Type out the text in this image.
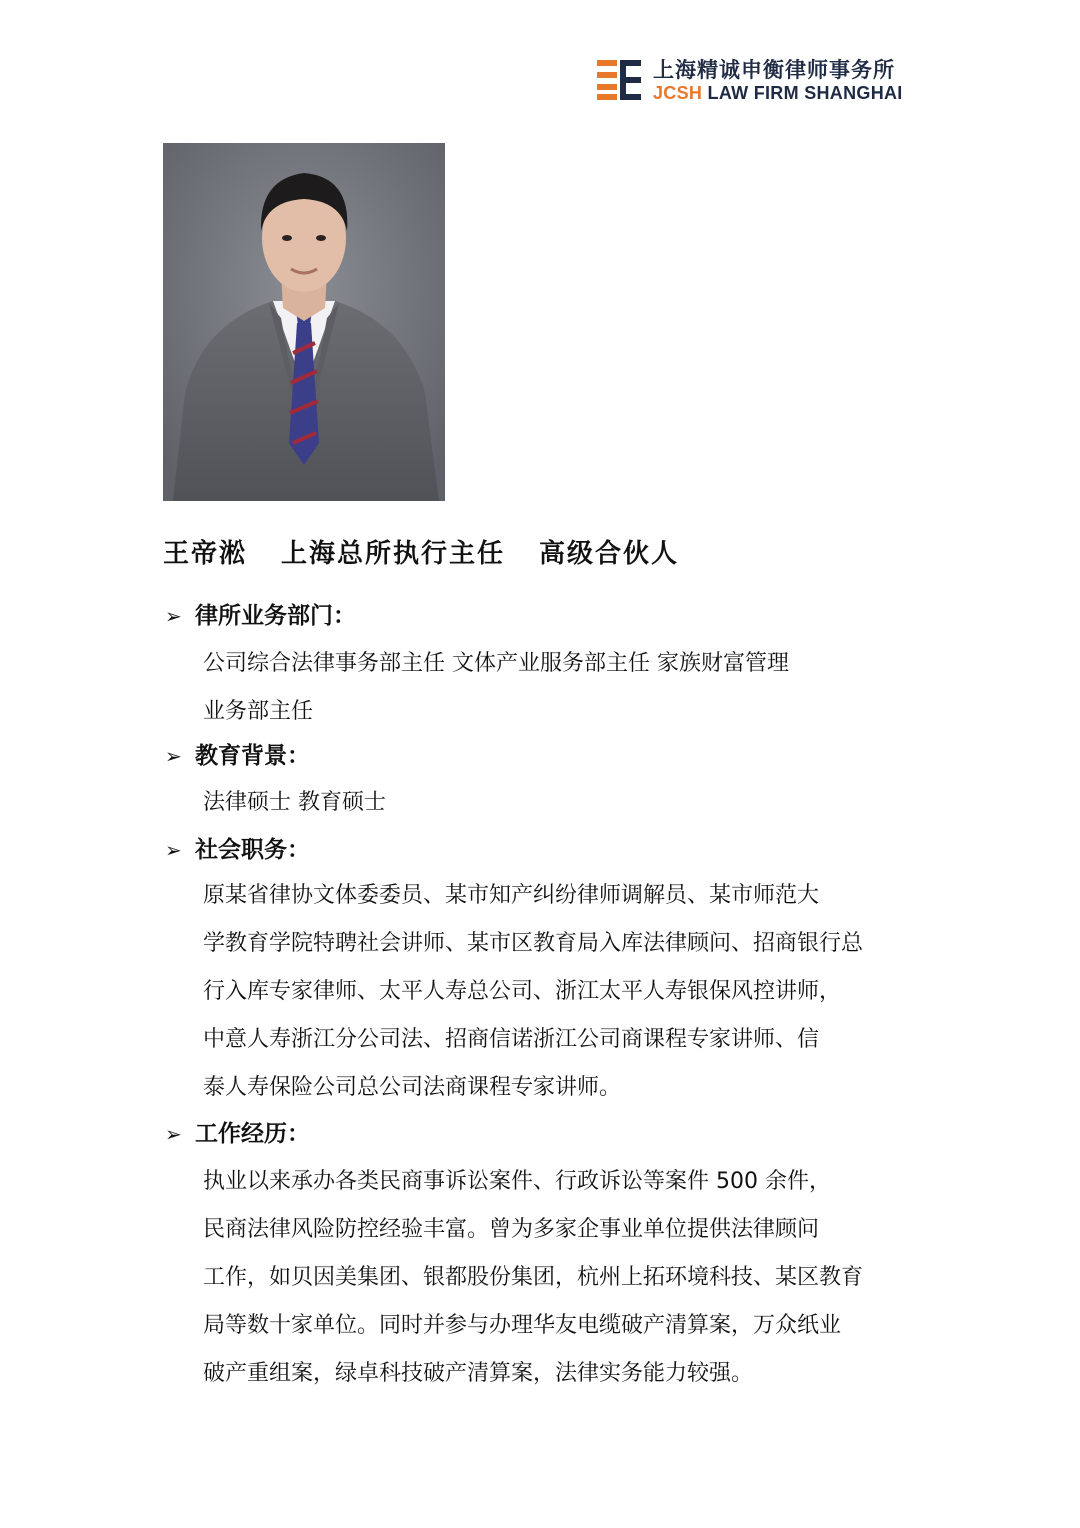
上海精诚申衡律师事务所
JCSH LAW FIRM SHANGHAI
王帝淞 上海总所执行主任 高级合伙人
➢ 律所业务部门：
公司综合法律事务部主任 文体产业服务部主任 家族财富管理
业务部主任
➢ 教育背景：
法律硕士 教育硕士
➢ 社会职务：
原某省律协文体委委员、某市知产纠纷律师调解员、某市师范大
学教育学院特聘社会讲师、某市区教育局入库法律顾问、招商银行总
行入库专家律师、太平人寿总公司、浙江太平人寿银保风控讲师，
中意人寿浙江分公司法、招商信诺浙江公司商课程专家讲师、信
泰人寿保险公司总公司法商课程专家讲师。
➢ 工作经历：
执业以来承办各类民商事诉讼案件、行政诉讼等案件 500 余件，
民商法律风险防控经验丰富。曾为多家企事业单位提供法律顾问
工作，如贝因美集团、银都股份集团，杭州上拓环境科技、某区教育
局等数十家单位。同时并参与办理华友电缆破产清算案，万众纸业
破产重组案，绿卓科技破产清算案，法律实务能力较强。
